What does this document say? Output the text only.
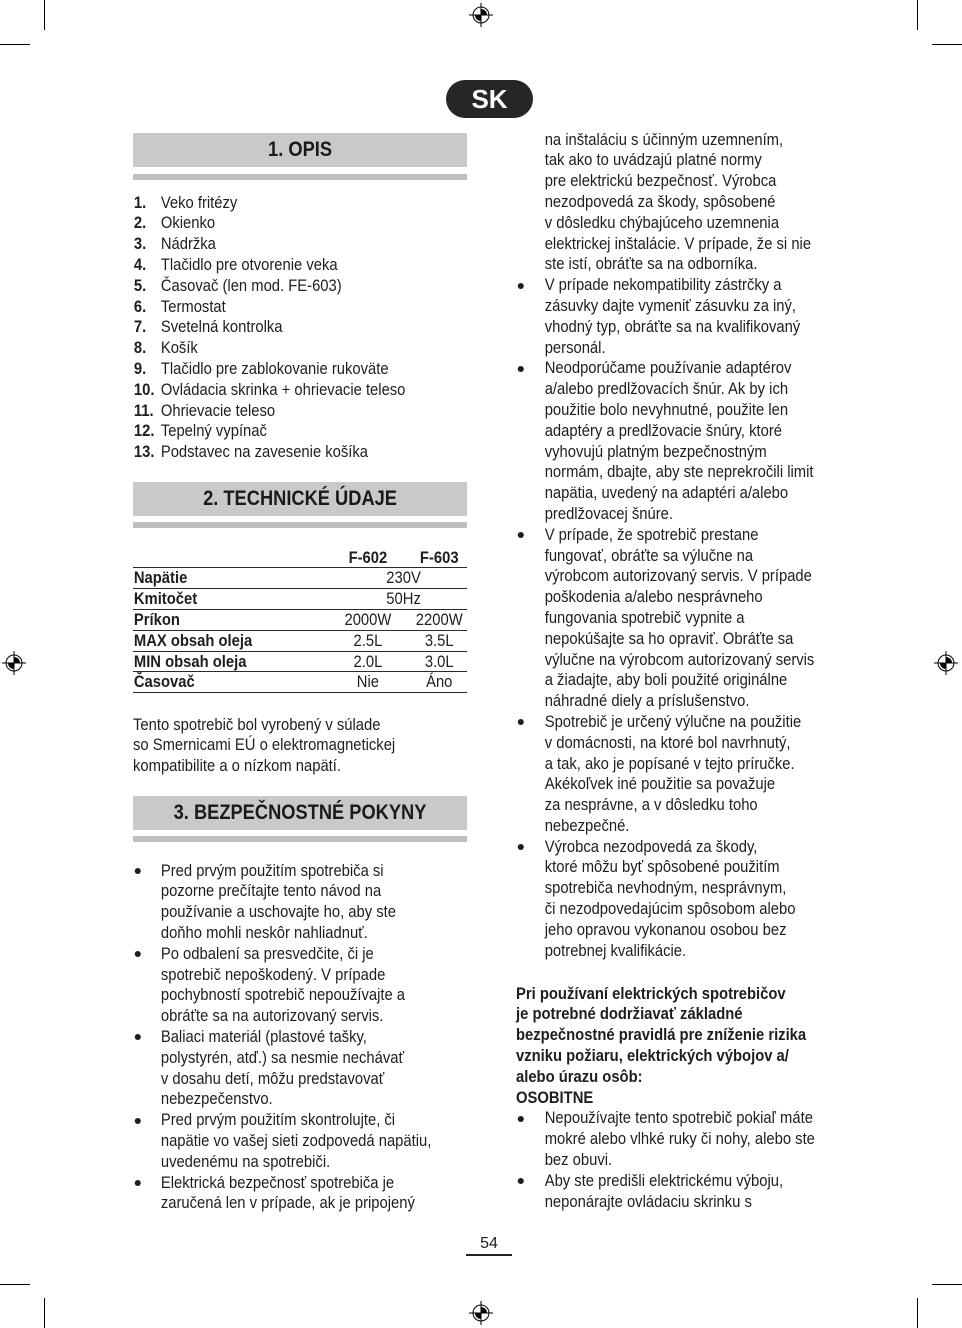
SK
1. OPIS
1. Veko fritézy
2. Okienko
3. Nádržka
4. Tlačidlo pre otvorenie veka
5. Časovač (len mod. FE-603)
6. Termostat
7. Svetelná kontrolka
8. Košík
9. Tlačidlo pre zablokovanie rukoväte
10. Ovládacia skrinka + ohrievacie teleso
11. Ohrievacie teleso
12. Tepelný vypínač
13. Podstavec na zavesenie košíka
2. TECHNICKÉ ÚDAJE
F-602	F-603
Napätie	230V
Kmitočet	50Hz
Príkon	2000W	2200W
MAX obsah oleja	2.5L	3.5L
MIN obsah oleja	2.0L	3.0L
Časovač	Nie	Áno
Tento spotrebič bol vyrobený v súlade
so Smernicami EÚ o elektromagnetickej
kompatibilite a o nízkom napätí.
3. BEZPEČNOSTNÉ POKYNY
Pred prvým použitím spotrebiča si
pozorne prečítajte tento návod na
používanie a uschovajte ho, aby ste
doňho mohli neskôr nahliadnuť.
Po odbalení sa presvedčite, či je
spotrebič nepoškodený. V prípade
pochybností spotrebič nepoužívajte a
obráťte sa na autorizovaný servis.
Baliaci materiál (plastové tašky,
polystyrén, atď.) sa nesmie nechávať
v dosahu detí, môžu predstavovať
nebezpečenstvo.
Pred prvým použitím skontrolujte, či
napätie vo vašej sieti zodpovedá napätiu,
uvedenému na spotrebiči.
Elektrická bezpečnosť spotrebiča je
zaručená len v prípade, ak je pripojený
na inštaláciu s účinným uzemnením,
tak ako to uvádzajú platné normy
pre elektrickú bezpečnosť. Výrobca
nezodpovedá za škody, spôsobené
v dôsledku chýbajúceho uzemnenia
elektrickej inštalácie. V prípade, že si nie
ste istí, obráťte sa na odborníka.
V prípade nekompatibility zástrčky a
zásuvky dajte vymeniť zásuvku za iný,
vhodný typ, obráťte sa na kvalifikovaný
personál.
Neodporúčame používanie adaptérov
a/alebo predlžovacích šnúr. Ak by ich
použitie bolo nevyhnutné, použite len
adaptéry a predlžovacie šnúry, ktoré
vyhovujú platným bezpečnostným
normám, dbajte, aby ste neprekročili limit
napätia, uvedený na adaptéri a/alebo
predlžovacej šnúre.
V prípade, že spotrebič prestane
fungovať, obráťte sa výlučne na
výrobcom autorizovaný servis. V prípade
poškodenia a/alebo nesprávneho
fungovania spotrebič vypnite a
nepokúšajte sa ho opraviť. Obráťte sa
výlučne na výrobcom autorizovaný servis
a žiadajte, aby boli použité originálne
náhradné diely a príslušenstvo.
Spotrebič je určený výlučne na použitie
v domácnosti, na ktoré bol navrhnutý,
a tak, ako je popísané v tejto príručke.
Akékoľvek iné použitie sa považuje
za nesprávne, a v dôsledku toho
nebezpečné.
Výrobca nezodpovedá za škody,
ktoré môžu byť spôsobené použitím
spotrebiča nevhodným, nesprávnym,
či nezodpovedajúcim spôsobom alebo
jeho opravou vykonanou osobou bez
potrebnej kvalifikácie.
Pri používaní elektrických spotrebičov
je potrebné dodržiavať základné
bezpečnostné pravidlá pre zníženie rizika
vzniku požiaru, elektrických výbojov a/
alebo úrazu osôb:
OSOBITNE
Nepoužívajte tento spotrebič pokiaľ máte
mokré alebo vlhké ruky či nohy, alebo ste
bez obuvi.
Aby ste predišli elektrickému výboju,
neponárajte ovládaciu skrinku s
54
